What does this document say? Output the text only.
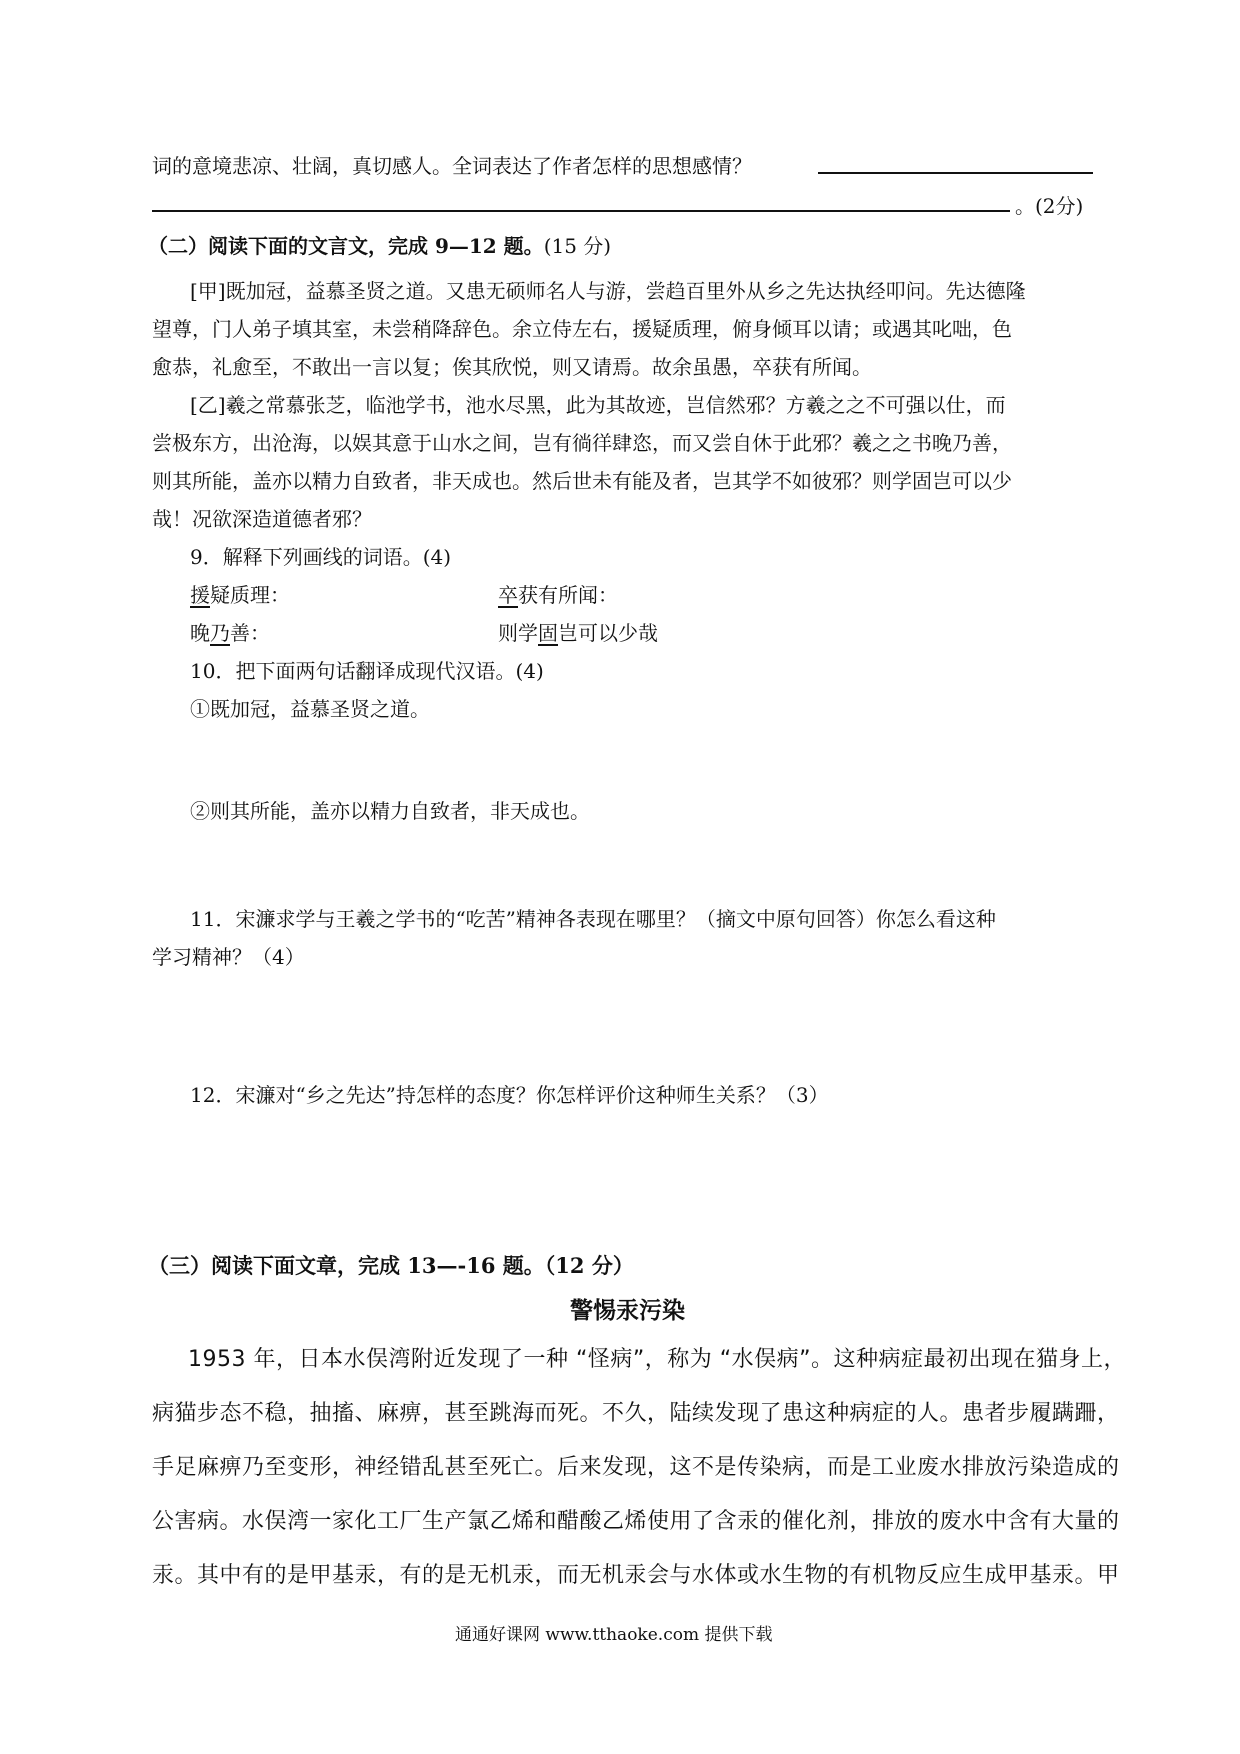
词的意境悲凉、壮阔，真切感人。全词表达了作者怎样的思想感情？
。(2分)
（二）阅读下面的文言文，完成 9—12 题。(15 分)
[甲]既加冠，益慕圣贤之道。又患无硕师名人与游，尝趋百里外从乡之先达执经叩问。先达德隆
望尊，门人弟子填其室，未尝稍降辞色。余立侍左右，援疑质理，俯身倾耳以请；或遇其叱咄，色
愈恭，礼愈至，不敢出一言以复；俟其欣悦，则又请焉。故余虽愚，卒获有所闻。
[乙]羲之常慕张芝，临池学书，池水尽黑，此为其故迹，岂信然邪？方羲之之不可强以仕，而
尝极东方，出沧海，以娱其意于山水之间，岂有徜徉肆恣，而又尝自休于此邪？羲之之书晚乃善，
则其所能，盖亦以精力自致者，非天成也。然后世未有能及者，岂其学不如彼邪？则学固岂可以少
哉！况欲深造道德者邪？
9．解释下列画线的词语。(4)
援疑质理：	卒获有所闻：
晚乃善：	则学固岂可以少哉
10．把下面两句话翻译成现代汉语。(4)
①既加冠，益慕圣贤之道。
②则其所能，盖亦以精力自致者，非天成也。
11．宋濂求学与王羲之学书的“吃苦”精神各表现在哪里？（摘文中原句回答）你怎么看这种
学习精神？（4）
12．宋濂对“乡之先达”持怎样的态度？你怎样评价这种师生关系？（3）
（三）阅读下面文章，完成 13—-16 题。（12 分）
警惕汞污染
1953 年，日本水俣湾附近发现了一种 “怪病”，称为 “水俣病”。这种病症最初出现在猫身上，
病猫步态不稳，抽搐、麻痹，甚至跳海而死。不久，陆续发现了患这种病症的人。患者步履蹒跚，
手足麻痹乃至变形，神经错乱甚至死亡。后来发现，这不是传染病，而是工业废水排放污染造成的
公害病。水俣湾一家化工厂生产氯乙烯和醋酸乙烯使用了含汞的催化剂，排放的废水中含有大量的
汞。其中有的是甲基汞，有的是无机汞，而无机汞会与水体或水生物的有机物反应生成甲基汞。甲
通通好课网 www.tthaoke.com 提供下载
